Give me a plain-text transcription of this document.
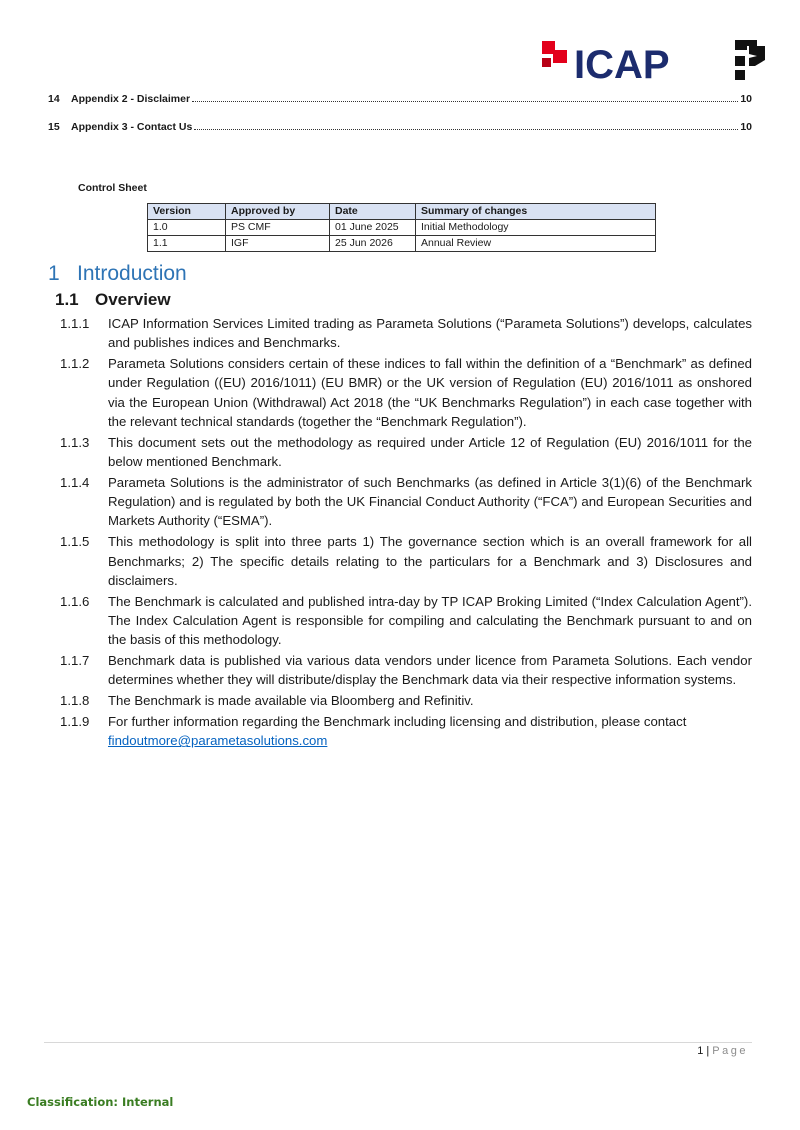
ICAP
14	Appendix 2 - Disclaimer	10
15	Appendix 3 - Contact Us	10
Control Sheet
Version	Approved by	Date	Summary of changes
1.0	PS CMF	01 June 2025	Initial Methodology
1.1	IGF	25 Jun 2026	Annual Review
1 Introduction
1.1 Overview
1.1.1	ICAP Information Services Limited trading as Parameta Solutions (“Parameta Solutions”) develops, calculates and publishes indices and Benchmarks.
1.1.2	Parameta Solutions considers certain of these indices to fall within the definition of a “Benchmark” as defined under Regulation ((EU) 2016/1011) (EU BMR) or the UK version of Regulation (EU) 2016/1011 as onshored via the European Union (Withdrawal) Act 2018 (the “UK Benchmarks Regulation”) in each case together with the relevant technical standards (together the “Benchmark Regulation”).
1.1.3	This document sets out the methodology as required under Article 12 of Regulation (EU) 2016/1011 for the below mentioned Benchmark.
1.1.4	Parameta Solutions is the administrator of such Benchmarks (as defined in Article 3(1)(6) of the Benchmark Regulation) and is regulated by both the UK Financial Conduct Authority (“FCA”) and European Securities and Markets Authority (“ESMA”).
1.1.5	This methodology is split into three parts 1) The governance section which is an overall framework for all Benchmarks; 2) The specific details relating to the particulars for a Benchmark and 3) Disclosures and disclaimers.
1.1.6	The Benchmark is calculated and published intra-day by TP ICAP Broking Limited (“Index Calculation Agent”). The Index Calculation Agent is responsible for compiling and calculating the Benchmark pursuant to and on the basis of this methodology.
1.1.7	Benchmark data is published via various data vendors under licence from Parameta Solutions. Each vendor determines whether they will distribute/display the Benchmark data via their respective information systems.
1.1.8	The Benchmark is made available via Bloomberg and Refinitiv.
1.1.9	For further information regarding the Benchmark including licensing and distribution, please contact
findoutmore@parametasolutions.com
1 | Page
Classification: Internal
